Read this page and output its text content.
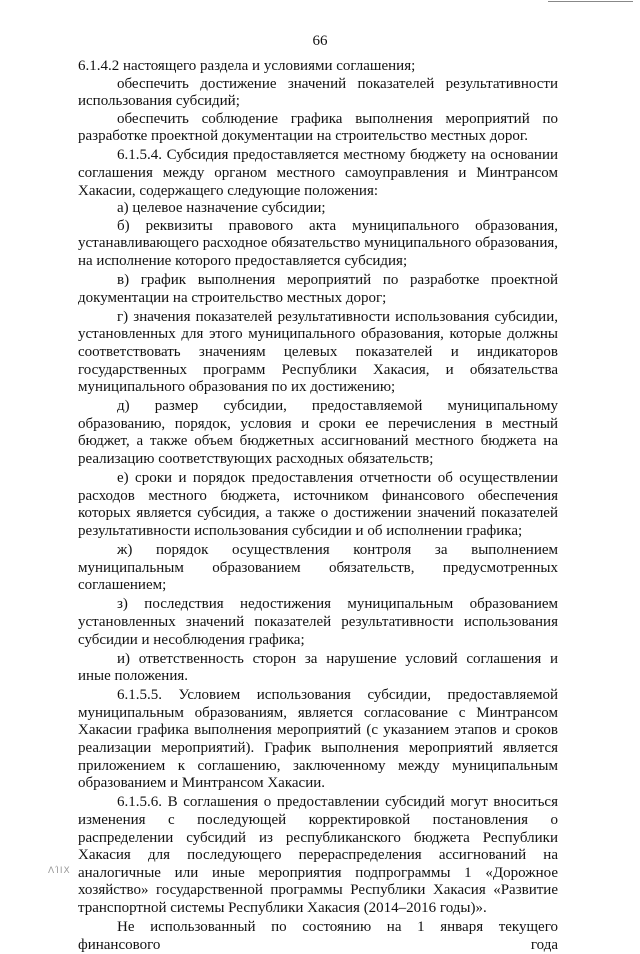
66

6.1.4.2 настоящего раздела и условиями соглашения;

обеспечить достижение значений показателей результативности использования субсидий;

обеспечить соблюдение графика выполнения мероприятий по разработке проектной документации на строительство местных дорог.

6.1.5.4. Субсидия предоставляется местному бюджету на основании соглашения между органом местного самоуправления и Минтрансом Хакасии, содержащего следующие положения:

а) целевое назначение субсидии;

б) реквизиты правового акта муниципального образования, устанавливающего расходное обязательство муниципального образования, на исполнение которого предоставляется субсидия;

в) график выполнения мероприятий по разработке проектной документации на строительство местных дорог;

г) значения показателей результативности использования субсидии, установленных для этого муниципального образования, которые должны соответствовать значениям целевых показателей и индикаторов государственных программ Республики Хакасия, и обязательства муниципального образования по их достижению;

д) размер субсидии, предоставляемой муниципальному образованию, порядок, условия и сроки ее перечисления в местный бюджет, а также объем бюджетных ассигнований местного бюджета на реализацию соответствующих расходных обязательств;

е) сроки и порядок предоставления отчетности об осуществлении расходов местного бюджета, источником финансового обеспечения которых является субсидия, а также о достижении значений показателей результативности использования субсидии и об исполнении графика;

ж) порядок осуществления контроля за выполнением муниципальным образованием обязательств, предусмотренных соглашением;

з) последствия недостижения муниципальным образованием установленных значений показателей результативности использования субсидии и несоблюдения графика;

и) ответственность сторон за нарушение условий соглашения и иные положения.

6.1.5.5. Условием использования субсидии, предоставляемой муниципальным образованиям, является согласование с Минтрансом Хакасии графика выполнения мероприятий (с указанием этапов и сроков реализации мероприятий). График выполнения мероприятий является приложением к соглашению, заключенному между муниципальным образованием и Минтрансом Хакасии.

6.1.5.6. В соглашения о предоставлении субсидий могут вноситься изменения с последующей корректировкой постановления о распределении субсидий из республиканского бюджета Республики Хакасия для последующего перераспределения ассигнований на аналогичные или иные мероприятия подпрограммы 1 «Дорожное хозяйство» государственной программы Республики Хакасия «Развитие транспортной системы Республики Хакасия (2014–2016 годы)».

Не использованный по состоянию на 1 января текущего финансового года

ΛΊΙΧ
